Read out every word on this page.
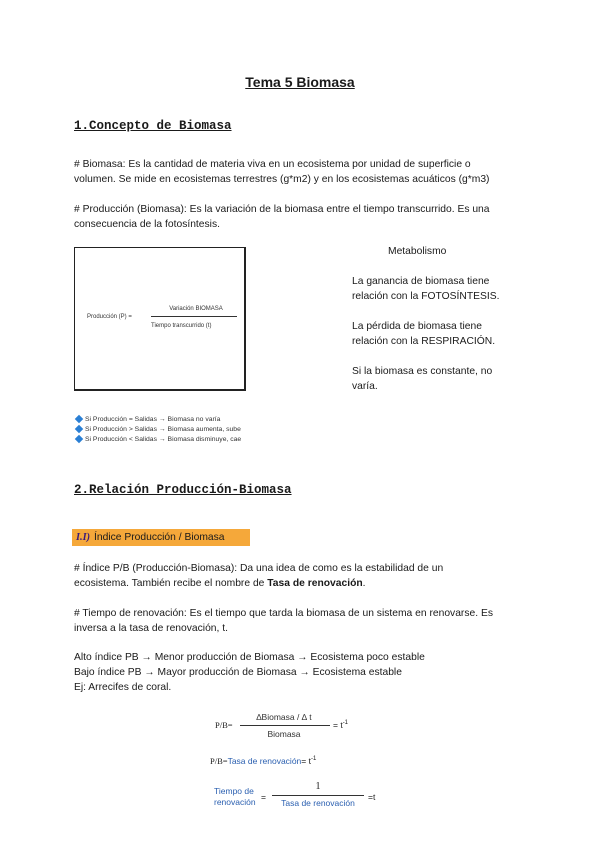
Tema 5 Biomasa
1.Concepto de Biomasa
# Biomasa: Es la cantidad de materia viva en un ecosistema por unidad de superficie o
volumen. Se mide en ecosistemas terrestres (g*m2) y en los ecosistemas acuáticos (g*m3)
# Producción (Biomasa): Es la variación de la biomasa entre el tiempo transcurrido. Es una
consecuencia de la fotosíntesis.
Producción (P) =
Variación BIOMASA
Tiempo transcurrido (t)
Metabolismo
La ganancia de biomasa tiene
relación con la FOTOSÍNTESIS.
La pérdida de biomasa tiene
relación con la RESPIRACIÓN.
Si la biomasa es constante, no
varía.
Si Producción = Salidas → Biomasa no varía
Si Producción > Salidas → Biomasa aumenta, sube
Si Producción < Salidas → Biomasa disminuye, cae
2.Relación Producción-Biomasa
I.I) Índice Producción / Biomasa
# Índice P/B (Producción-Biomasa): Da una idea de como es la estabilidad de un
ecosistema. También recibe el nombre de Tasa de renovación.
# Tiempo de renovación: Es el tiempo que tarda la biomasa de un sistema en renovarse. Es
inversa a la tasa de renovación, t.
Alto índice PB → Menor producción de Biomasa → Ecosistema poco estable
Bajo índice PB → Mayor producción de Biomasa → Ecosistema estable
Ej: Arrecifes de coral.
P/B=
∆Biomasa / ∆ t
Biomasa
= $t^{-1}$
P/B=Tasa de renovación= $t^{-1}$
Tiempo de
renovación =
1
Tasa de renovación
=t
